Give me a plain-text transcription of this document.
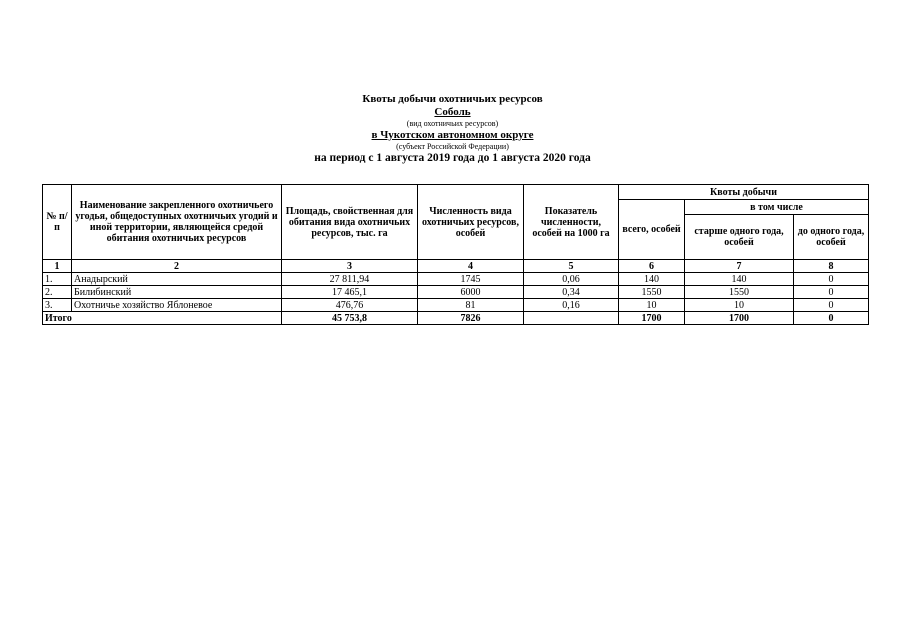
Квоты добычи охотничьих ресурсов
Соболь
(вид охотничьих ресурсов)
в Чукотском автономном округе
(субъект Российской Федерации)
на период с 1 августа 2019 года до 1 августа 2020 года
№ п/п	Наименование закрепленного охотничьего угодья, общедоступных охотничьих угодий и иной территории, являющейся средой обитания охотничьих ресурсов	Площадь, свойственная для обитания вида охотничьих ресурсов, тыс. га	Численность вида охотничьих ресурсов, особей	Показатель численности, особей на 1000 га	Квоты добычи		
					всего, особей	в том числе	
						старше одного года, особей	до одного года, особей
1	2	3	4	5	6	7	8
1.	Анадырский	27 811,94	1745	0,06	140	140	0
2.	Билибинский	17 465,1	6000	0,34	1550	1550	0
3.	Охотничье хозяйство Яблоневое	476,76	81	0,16	10	10	0
Итого		45 753,8	7826		1700	1700	0
